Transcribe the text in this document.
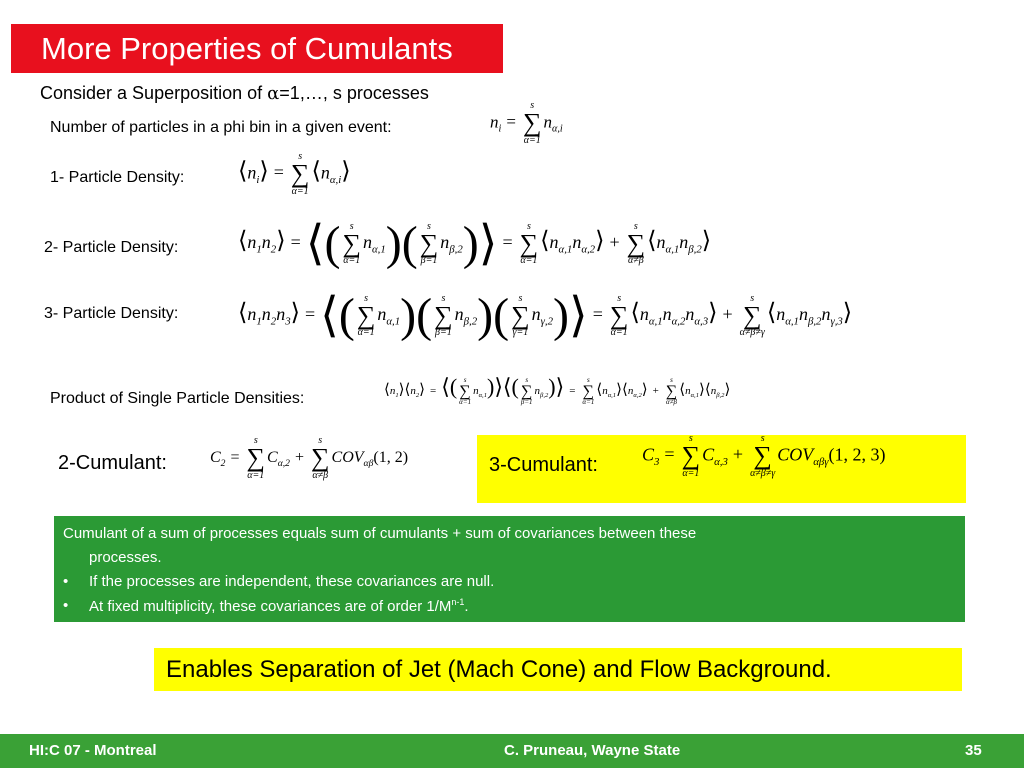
More Properties of Cumulants
Consider a Superposition of α=1,…, s processes
Number of particles in a phi bin in a given event:	$n_i$ =
s
∑
α=1
$n_{\alpha,i}$
1- Particle Density: $⟨n_i⟩$ =
s
∑
α=1
$⟨n_{\alpha,i}⟩$
2- Particle Density: $⟨n_1n_2⟩$ = ⟨( s
∑
α=1
$n_{\alpha,1}$)( s
∑
β=1
$n_{\beta,2})⟩$ =
s
∑
α=1
$⟨n_{\alpha,1}n_{\alpha,2}⟩$ +
s
∑
α≠β
$⟨n_{\alpha,1}n_{\beta,2}⟩$
3- Particle Density: $⟨n_1n_2n_3⟩$ = ⟨( s
∑
α=1
$n_{\alpha,1}$)( s
∑
β=1
$n_{\beta,2}$)( s
∑
γ=1
$n_{\gamma,2})⟩$ =
s
∑
α=1
$⟨n_{\alpha,1}n_{\alpha,2}n_{\alpha,3}⟩$ +
s
∑
α≠β≠γ
$⟨n_{\alpha,1}n_{\beta,2}n_{\gamma,3}⟩$
Product of Single Particle Densities:	$⟨n_1⟩⟨n_2⟩$ = ⟨( s
∑
α=1
$n_{\alpha,1})⟩⟨$( s
∑
β=1
$n_{\beta,2})⟩$ =
s
∑
α=1
$⟨n_{\alpha,1}⟩⟨n_{\alpha,2}⟩$ +
s
∑
α≠β
$⟨n_{\alpha,1}⟩⟨n_{\beta,2}⟩$
2-Cumulant:	$C_2$ =
s
∑
α=1
$C_{\alpha,2}$ +
s
∑
α≠β
$COV_{\alpha\beta}(1$, 2)	3-Cumulant: $C_3$ =
s
∑
α=1
$C_{\alpha,3}$ +
s
∑
α≠β≠γ
$COV_{\alpha\beta\gamma}(1$, 2, 3)
Cumulant of a sum of processes equals sum of cumulants + sum of covariances between these
processes.
• If the processes are independent, these covariances are null.
• At fixed multiplicity, these covariances are of order $1/M^{n-1}$.
Enables Separation of Jet (Mach Cone) and Flow Background.
HI:C 07 - Montreal	C. Pruneau, Wayne State	35
